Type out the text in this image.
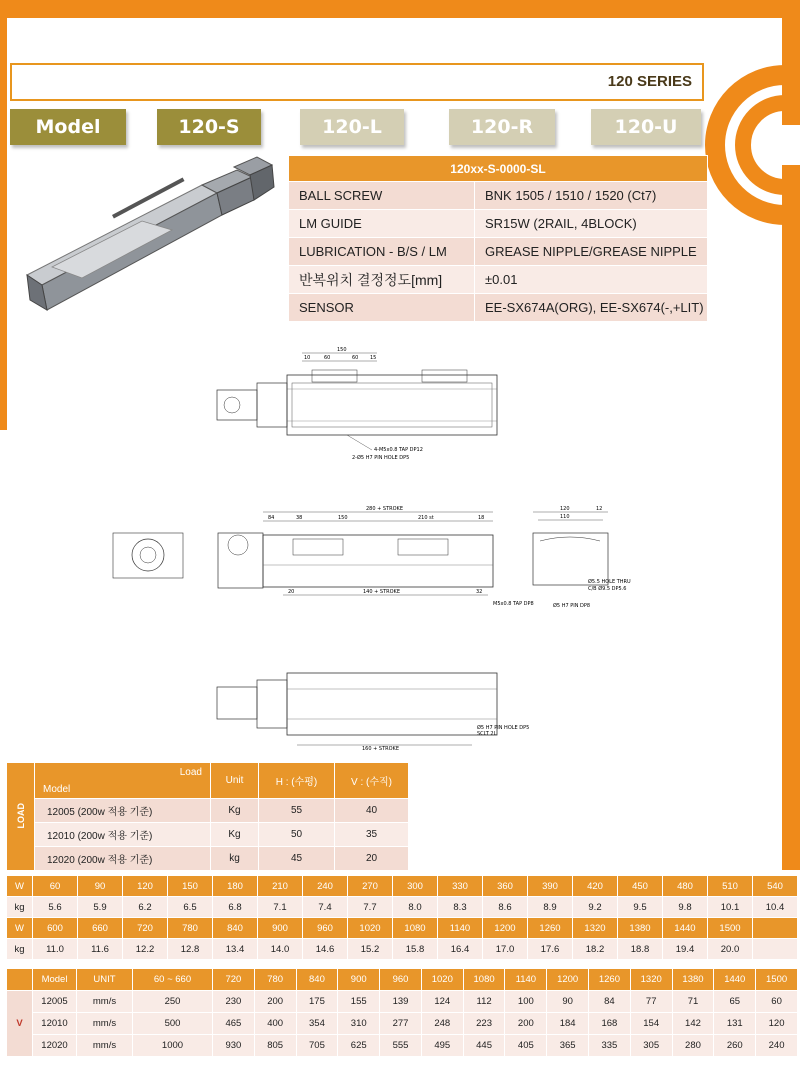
120 SERIES
Model	120-S	120-L	120-R	120-U
120xx-S-0000-SL	
BALL SCREW	BNK 1505 / 1510 / 1520 (Ct7)
LM GUIDE	SR15W (2RAIL, 4BLOCK)
LUBRICATION - B/S / LM	GREASE NIPPLE/GREASE NIPPLE
반복위치 결정정도[mm]	±0.01
SENSOR	EE-SX674A(ORG), EE-SX674(-,+LIT)
150
10	60	60 15
4-M5x0.8 TAP DP12
2-Ø5 H7 PIN HOLE DP5
280 + STROKE
84	38	150	210 st	18
20	140 + STROKE	32
120
110
12
Ø5.5 HOLE THRU
C/B Ø9.5 DP5.6
M5x0.8 TAP DP8	Ø5 H7 PIN DP8
160 + STROKE
Ø5 H7 PIN HOLE DP5
SCLT 2L
LOAD	Model
Load	Unit	H : (수평)	V : (수직)
	12005 (200w 적용 기준)	Kg	55	40
	12010 (200w 적용 기준)	Kg	50	35
	12020 (200w 적용 기준)	kg	45	20
W	60	90	120	150	180	210	240	270	300	330	360	390	420	450	480	510	540
kg	5.6	5.9	6.2	6.5	6.8	7.1	7.4	7.7	8.0	8.3	8.6	8.9	9.2	9.5	9.8	10.1	10.4
W	600	660	720	780	840	900	960	1020	1080	1140	1200	1260	1320	1380	1440	1500	
kg	11.0	11.6	12.2	12.8	13.4	14.0	14.6	15.2	15.8	16.4	17.0	17.6	18.2	18.8	19.4	20.0	
	Model	UNIT	60 ~ 660	720	780	840	900	960	1020	1080	1140	1200	1260	1320	1380	1440	1500
V	12005	mm/s	250	230	200	175	155	139	124	112	100	90	84	77	71	65	60
	12010	mm/s	500	465	400	354	310	277	248	223	200	184	168	154	142	131	120
	12020	mm/s	1000	930	805	705	625	555	495	445	405	365	335	305	280	260	240
